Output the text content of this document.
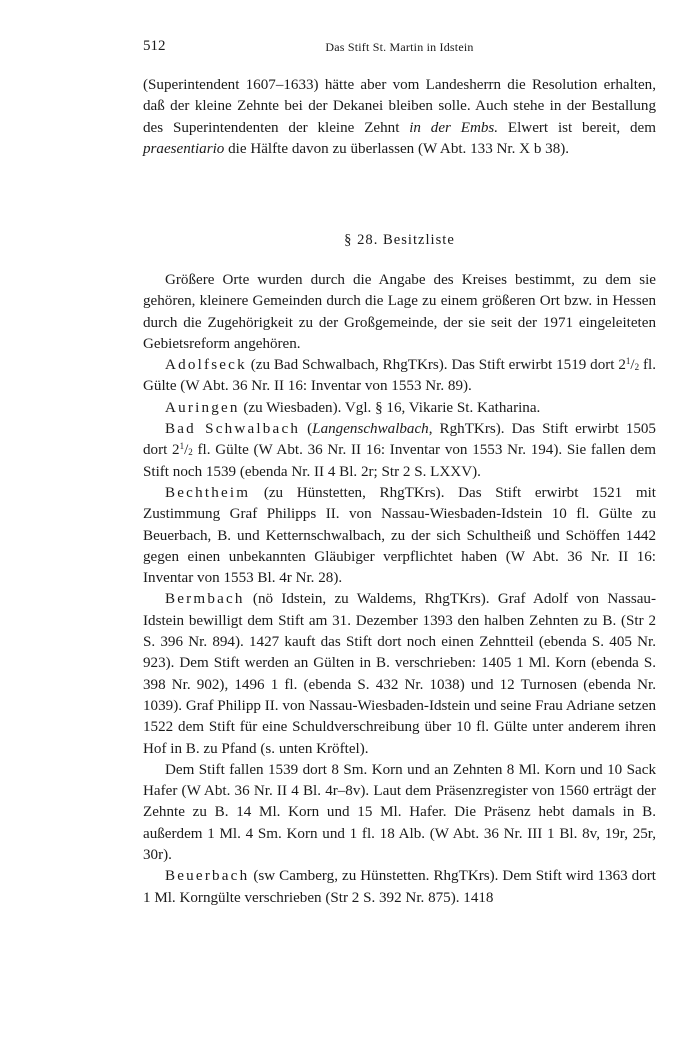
512	Das Stift St. Martin in Idstein

(Superintendent 1607–1633) hätte aber vom Landesherrn die Resolution erhalten, daß der kleine Zehnte bei der Dekanei bleiben solle. Auch stehe in der Bestallung des Superintendenten der kleine Zehnt in der Embs. Elwert ist bereit, dem praesentiario die Hälfte davon zu überlassen (W Abt. 133 Nr. X b 38).

§ 28. Besitzliste

Größere Orte wurden durch die Angabe des Kreises bestimmt, zu dem sie gehören, kleinere Gemeinden durch die Lage zu einem größeren Ort bzw. in Hessen durch die Zugehörigkeit zu der Großgemeinde, der sie seit der 1971 eingeleiteten Gebietsreform angehören.

Adolfseck (zu Bad Schwalbach, RhgTKrs). Das Stift erwirbt 1519 dort $2^1/_2$ fl. Gülte (W Abt. 36 Nr. II 16: Inventar von 1553 Nr. 89).

Auringen (zu Wiesbaden). Vgl. § 16, Vikarie St. Katharina.

Bad Schwalbach (Langenschwalbach, RghTKrs). Das Stift erwirbt 1505 dort $2^1/_2$ fl. Gülte (W Abt. 36 Nr. II 16: Inventar von 1553 Nr. 194). Sie fallen dem Stift noch 1539 (ebenda Nr. II 4 Bl. 2r; Str 2 S. LXXV).

Bechtheim (zu Hünstetten, RhgTKrs). Das Stift erwirbt 1521 mit Zustimmung Graf Philipps II. von Nassau-Wiesbaden-Idstein 10 fl. Gülte zu Beuerbach, B. und Ketternschwalbach, zu der sich Schultheiß und Schöffen 1442 gegen einen unbekannten Gläubiger verpflichtet haben (W Abt. 36 Nr. II 16: Inventar von 1553 Bl. 4r Nr. 28).

Bermbach (nö Idstein, zu Waldems, RhgTKrs). Graf Adolf von Nassau-Idstein bewilligt dem Stift am 31. Dezember 1393 den halben Zehnten zu B. (Str 2 S. 396 Nr. 894). 1427 kauft das Stift dort noch einen Zehntteil (ebenda S. 405 Nr. 923). Dem Stift werden an Gülten in B. verschrieben: 1405 1 Ml. Korn (ebenda S. 398 Nr. 902), 1496 1 fl. (ebenda S. 432 Nr. 1038) und 12 Turnosen (ebenda Nr. 1039). Graf Philipp II. von Nassau-Wiesbaden-Idstein und seine Frau Adriane setzen 1522 dem Stift für eine Schuldverschreibung über 10 fl. Gülte unter anderem ihren Hof in B. zu Pfand (s. unten Kröftel).

Dem Stift fallen 1539 dort 8 Sm. Korn und an Zehnten 8 Ml. Korn und 10 Sack Hafer (W Abt. 36 Nr. II 4 Bl. 4r–8v). Laut dem Präsenzregister von 1560 erträgt der Zehnte zu B. 14 Ml. Korn und 15 Ml. Hafer. Die Präsenz hebt damals in B. außerdem 1 Ml. 4 Sm. Korn und 1 fl. 18 Alb. (W Abt. 36 Nr. III 1 Bl. 8v, 19r, 25r, 30r).

Beuerbach (sw Camberg, zu Hünstetten. RhgTKrs). Dem Stift wird 1363 dort 1 Ml. Korngülte verschrieben (Str 2 S. 392 Nr. 875). 1418
